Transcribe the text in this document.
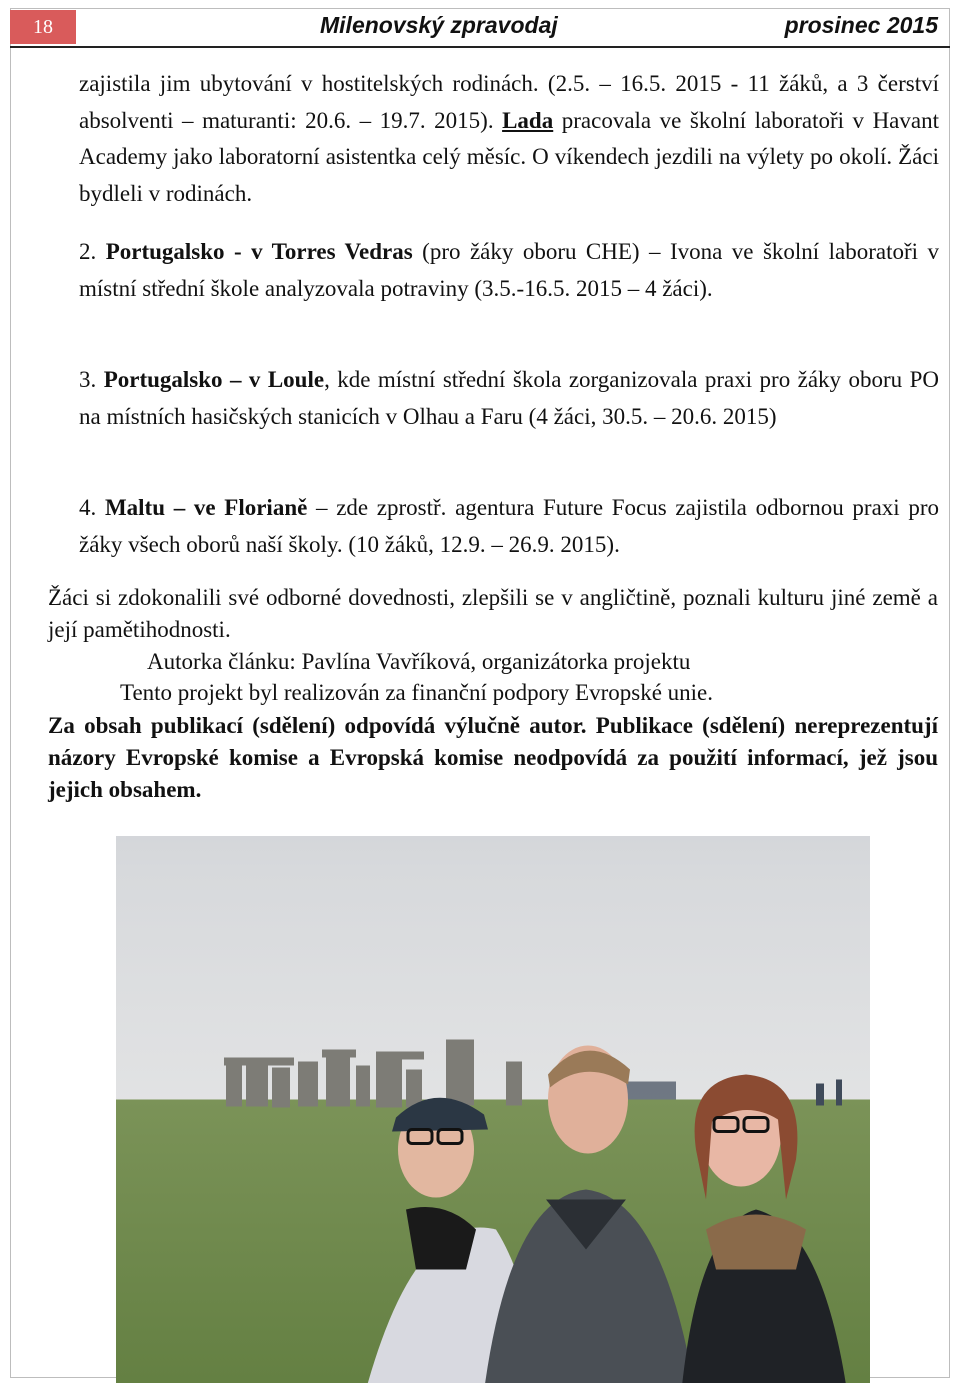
18	Milenovský zpravodaj	prosinec 2015

zajistila jim ubytování v hostitelských rodinách. (2.5. – 16.5. 2015 - 11 žáků, a 3 čerství absolventi – maturanti: 20.6. – 19.7. 2015). Lada pracovala ve školní laboratoři v Havant Academy jako laboratorní asistentka celý měsíc. O víkendech jezdili na výlety po okolí. Žáci bydleli v rodinách.

2. Portugalsko - v Torres Vedras (pro žáky oboru CHE) – Ivona ve školní laboratoři v místní střední škole analyzovala potraviny (3.5.-16.5. 2015 – 4 žáci).

3. Portugalsko – v Loule, kde místní střední škola zorganizovala praxi pro žáky oboru PO na místních hasičských stanicích v Olhau a Faru (4 žáci, 30.5. – 20.6. 2015)

4. Maltu – ve Florianě – zde zprostř. agentura Future Focus zajistila odbornou praxi pro žáky všech oborů naší školy. (10 žáků, 12.9. – 26.9. 2015).

Žáci si zdokonalili své odborné dovednosti, zlepšili se v angličtině, poznali kulturu jiné země a její pamětihodnosti.

Autorka článku: Pavlína Vavříková, organizátorka projektu
Tento projekt byl realizován za finanční podpory Evropské unie.

Za obsah publikací (sdělení) odpovídá výlučně autor. Publikace (sdělení) nereprezentují názory Evropské komise a Evropská komise neodpovídá za použití informací, jež jsou jejich obsahem.
